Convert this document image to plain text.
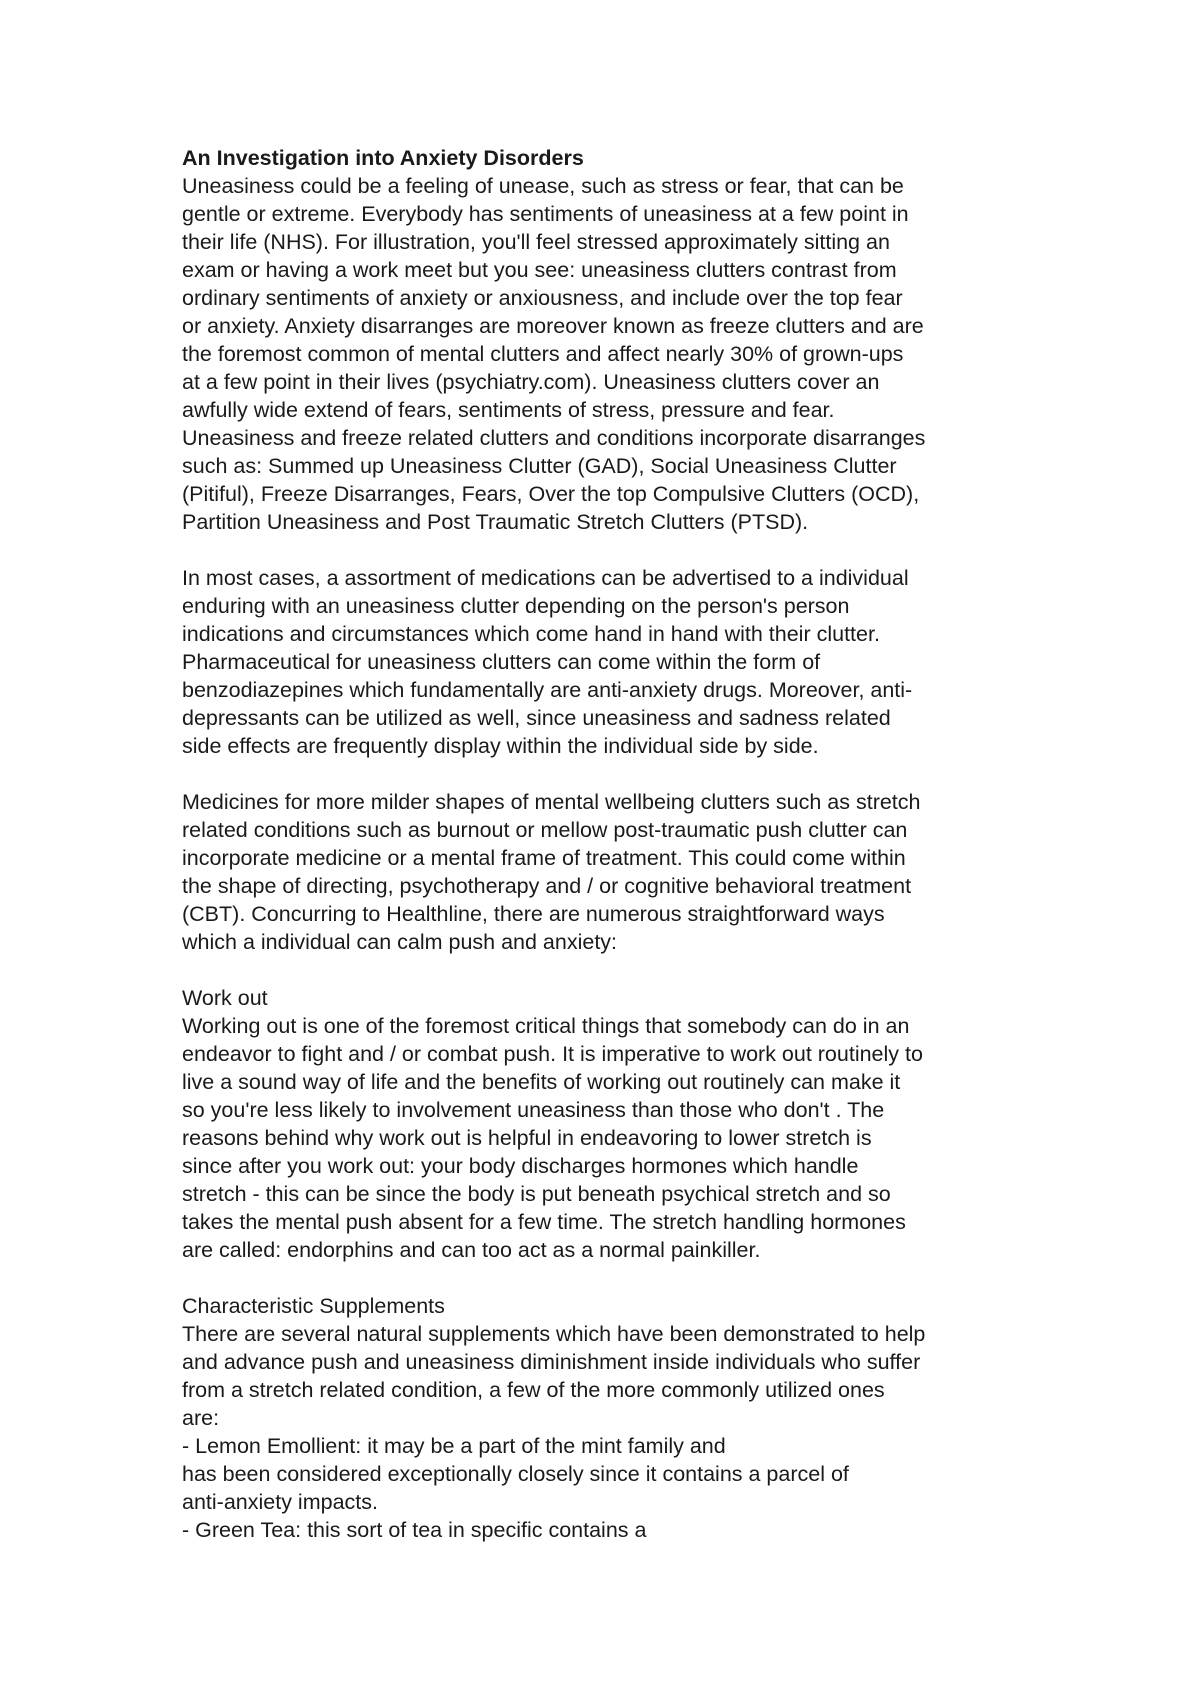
An Investigation into Anxiety Disorders
Uneasiness could be a feeling of unease, such as stress or fear, that can be
gentle or extreme. Everybody has sentiments of uneasiness at a few point in
their life (NHS). For illustration, you'll feel stressed approximately sitting an
exam or having a work meet but you see: uneasiness clutters contrast from
ordinary sentiments of anxiety or anxiousness, and include over the top fear
or anxiety. Anxiety disarranges are moreover known as freeze clutters and are
the foremost common of mental clutters and affect nearly 30% of grown-ups
at a few point in their lives (psychiatry.com). Uneasiness clutters cover an
awfully wide extend of fears, sentiments of stress, pressure and fear.
Uneasiness and freeze related clutters and conditions incorporate disarranges
such as: Summed up Uneasiness Clutter (GAD), Social Uneasiness Clutter
(Pitiful), Freeze Disarranges, Fears, Over the top Compulsive Clutters (OCD),
Partition Uneasiness and Post Traumatic Stretch Clutters (PTSD).
In most cases, a assortment of medications can be advertised to a individual
enduring with an uneasiness clutter depending on the person's person
indications and circumstances which come hand in hand with their clutter.
Pharmaceutical for uneasiness clutters can come within the form of
benzodiazepines which fundamentally are anti-anxiety drugs. Moreover, anti-
depressants can be utilized as well, since uneasiness and sadness related
side effects are frequently display within the individual side by side.
Medicines for more milder shapes of mental wellbeing clutters such as stretch
related conditions such as burnout or mellow post-traumatic push clutter can
incorporate medicine or a mental frame of treatment. This could come within
the shape of directing, psychotherapy and / or cognitive behavioral treatment
(CBT). Concurring to Healthline, there are numerous straightforward ways
which a individual can calm push and anxiety:
Work out
Working out is one of the foremost critical things that somebody can do in an
endeavor to fight and / or combat push. It is imperative to work out routinely to
live a sound way of life and the benefits of working out routinely can make it
so you're less likely to involvement uneasiness than those who don't . The
reasons behind why work out is helpful in endeavoring to lower stretch is
since after you work out: your body discharges hormones which handle
stretch - this can be since the body is put beneath psychical stretch and so
takes the mental push absent for a few time. The stretch handling hormones
are called: endorphins and can too act as a normal painkiller.
Characteristic Supplements
There are several natural supplements which have been demonstrated to help
and advance push and uneasiness diminishment inside individuals who suffer
from a stretch related condition, a few of the more commonly utilized ones
are:
- Lemon Emollient: it may be a part of the mint family and
has been considered exceptionally closely since it contains a parcel of
anti-anxiety impacts.
- Green Tea: this sort of tea in specific contains a
